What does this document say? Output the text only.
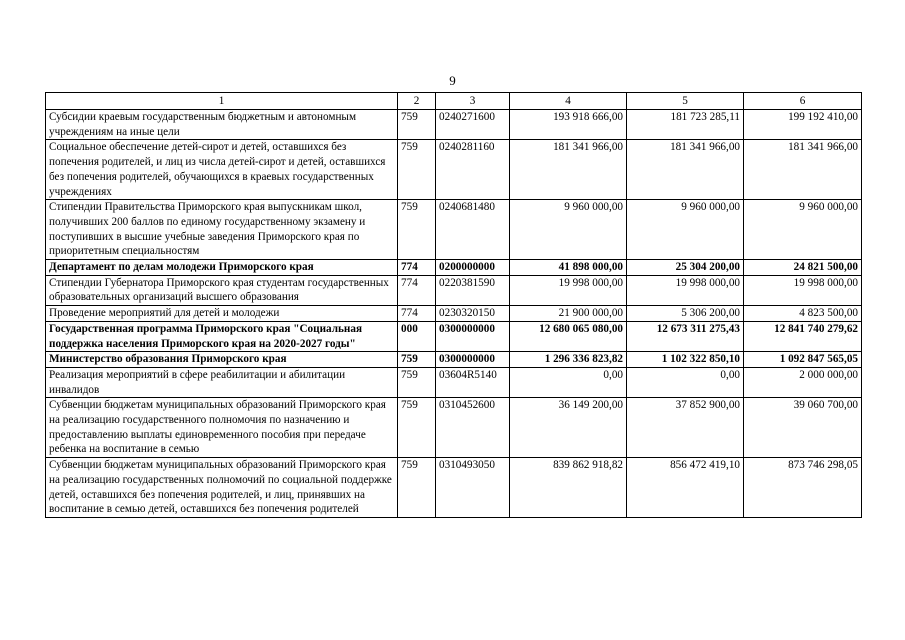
9
1	2	3	4	5	6
Субсидии краевым государственным бюджетным и автономным учреждениям на иные цели	759	0240271600	193 918 666,00	181 723 285,11	199 192 410,00
Социальное обеспечение детей-сирот и детей, оставшихся без попечения родителей, и лиц из числа детей-сирот и детей, оставшихся без попечения родителей, обучающихся в краевых государственных учреждениях	759	0240281160	181 341 966,00	181 341 966,00	181 341 966,00
Стипендии Правительства Приморского края выпускникам школ, получивших 200 баллов по единому государственному экзамену и поступивших в высшие учебные заведения Приморского края по приоритетным специальностям	759	0240681480	9 960 000,00	9 960 000,00	9 960 000,00
Департамент по делам молодежи Приморского края	774	0200000000	41 898 000,00	25 304 200,00	24 821 500,00
Стипендии Губернатора Приморского края студентам государственных образовательных организаций высшего образования	774	0220381590	19 998 000,00	19 998 000,00	19 998 000,00
Проведение мероприятий для детей и молодежи	774	0230320150	21 900 000,00	5 306 200,00	4 823 500,00
Государственная программа Приморского края "Социальная поддержка населения Приморского края на 2020-2027 годы"	000	0300000000	12 680 065 080,00	12 673 311 275,43	12 841 740 279,62
Министерство образования Приморского края	759	0300000000	1 296 336 823,82	1 102 322 850,10	1 092 847 565,05
Реализация мероприятий в сфере реабилитации и абилитации инвалидов	759	03604R5140	0,00	0,00	2 000 000,00
Субвенции бюджетам муниципальных образований Приморского края на реализацию государственного полномочия по назначению и предоставлению выплаты единовременного пособия при передаче ребенка на воспитание в семью	759	0310452600	36 149 200,00	37 852 900,00	39 060 700,00
Субвенции бюджетам муниципальных образований Приморского края на реализацию государственных полномочий по социальной поддержке детей, оставшихся без попечения родителей, и лиц, принявших на воспитание в семью детей, оставшихся без попечения родителей	759	0310493050	839 862 918,82	856 472 419,10	873 746 298,05
